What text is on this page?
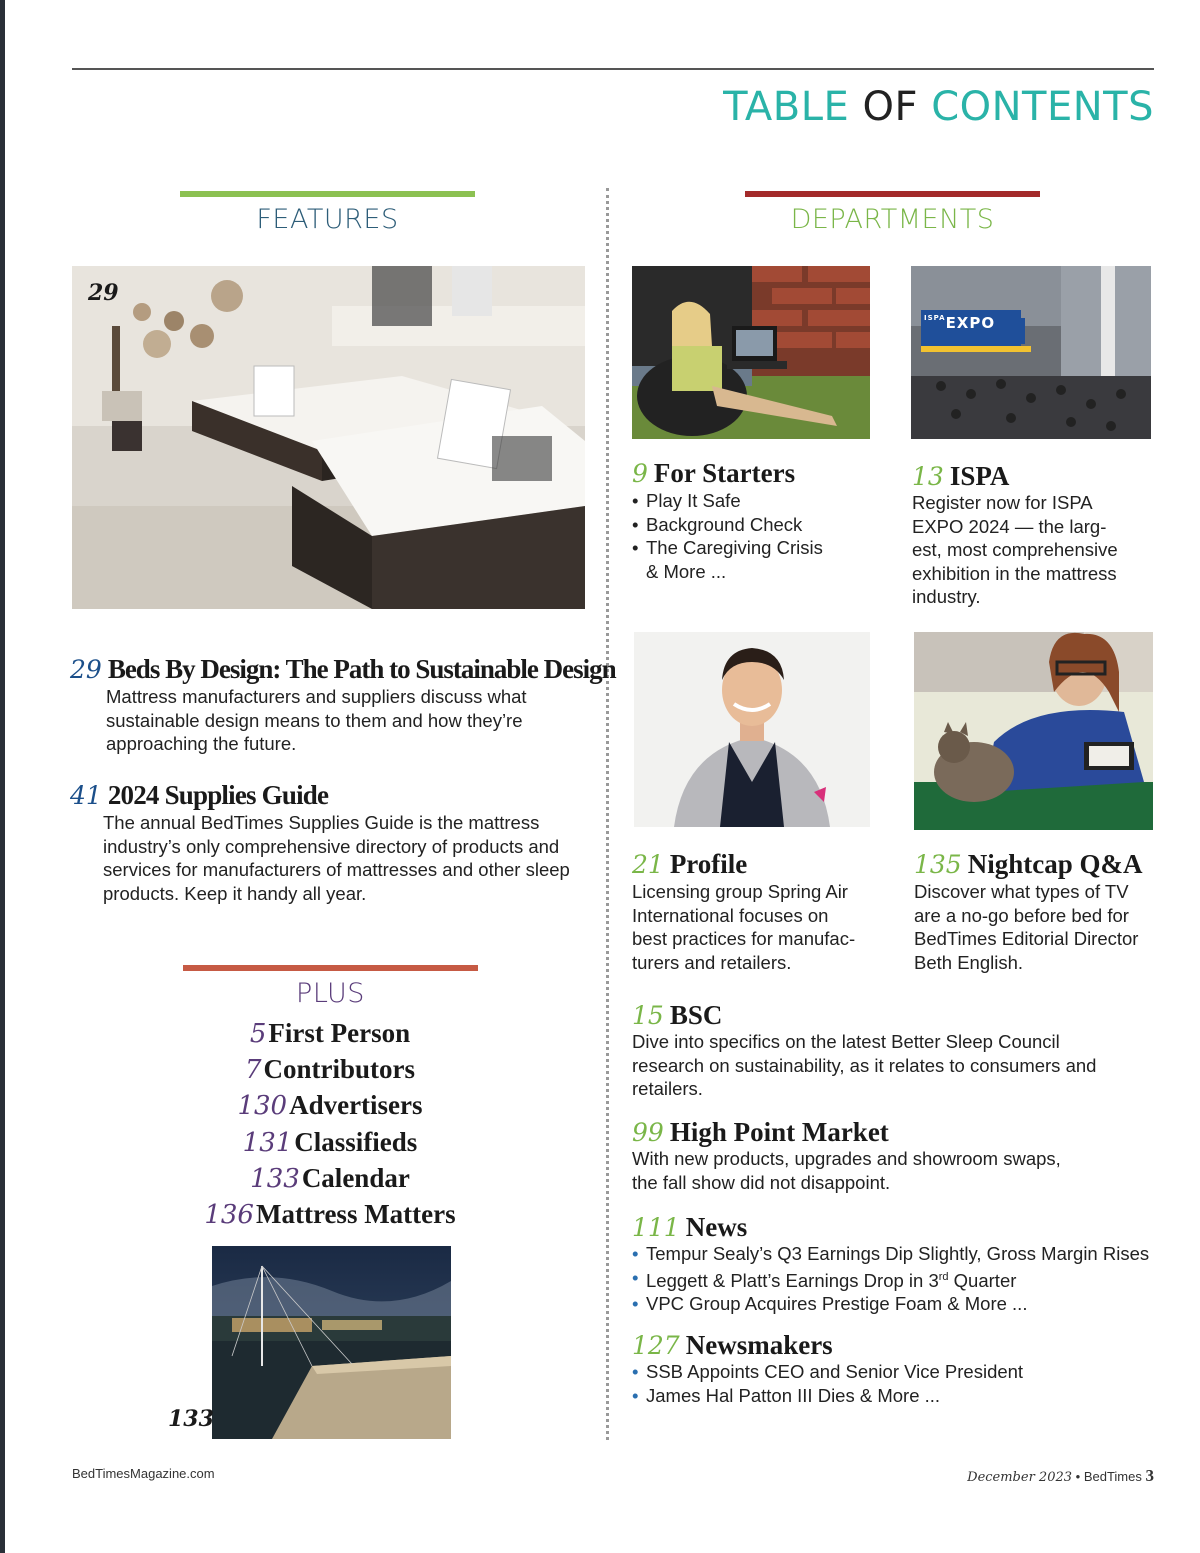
TABLE OF CONTENTS
FEATURES
29
29 Beds By Design: The Path to Sustainable Design
Mattress manufacturers and suppliers discuss what sustainable design means to them and how they’re approaching the future.
41 2024 Supplies Guide
The annual BedTimes Supplies Guide is the mattress industry’s only comprehensive directory of products and services for manufacturers of mattresses and other sleep products. Keep it handy all year.
PLUS
5First Person
7Contributors
130Advertisers
131Classifieds
133Calendar
136Mattress Matters
133
DEPARTMENTS
$^{ISPA}$EXPO
9 For Starters
• Play It Safe
• Background Check
• The Caregiving Crisis
& More ...
13 ISPA
Register now for ISPA
EXPO 2024 — the larg-
est, most comprehensive
exhibition in the mattress
industry.
21 Profile
Licensing group Spring Air
International focuses on
best practices for manufac-
turers and retailers.
135 Nightcap Q&A
Discover what types of TV
are a no-go before bed for
BedTimes Editorial Director
Beth English.
15 BSC
Dive into specifics on the latest Better Sleep Council
research on sustainability, as it relates to consumers and
retailers.
99 High Point Market
With new products, upgrades and showroom swaps,
the fall show did not disappoint.
111 News
• Tempur Sealy’s Q3 Earnings Dip Slightly, Gross Margin Rises
• Leggett & Platt’s Earnings Drop in 3rd Quarter
• VPC Group Acquires Prestige Foam & More ...
127 Newsmakers
• SSB Appoints CEO and Senior Vice President
• James Hal Patton III Dies & More ...
BedTimesMagazine.com	December 2023 • BedTimes 3
